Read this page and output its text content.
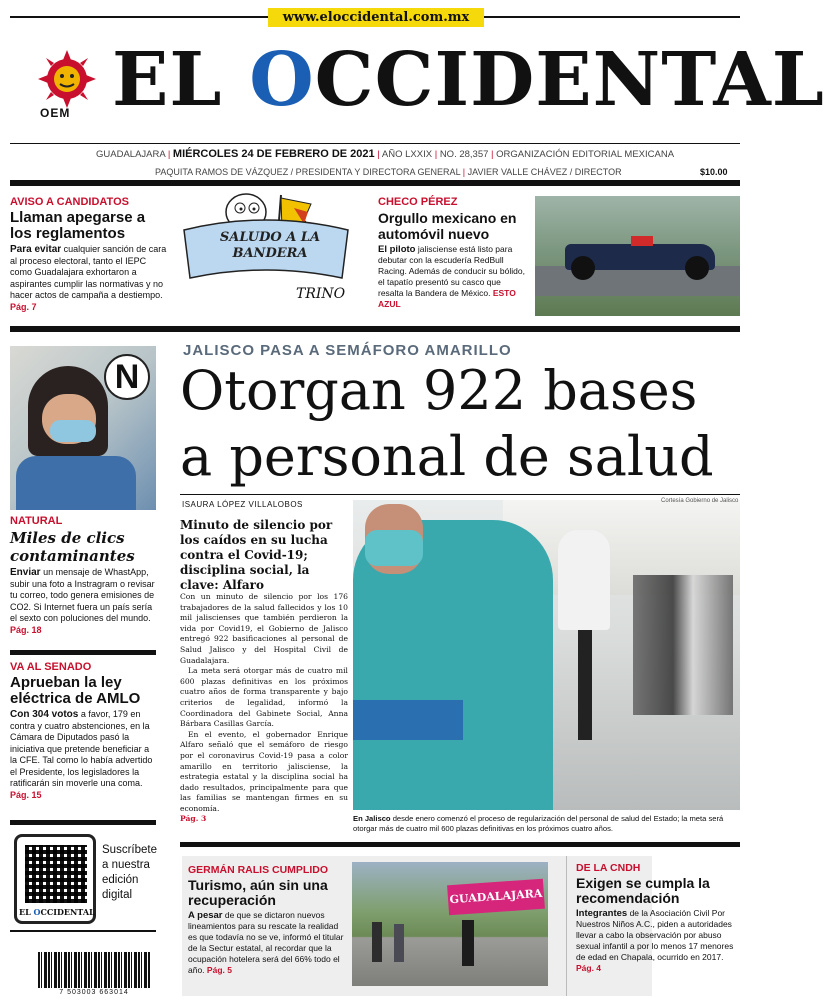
www.eloccidental.com.mx
OEM EL OCCIDENTAL
GUADALAJARA | MIÉRCOLES 24 DE FEBRERO DE 2021 | AÑO LXXIX | NO. 28,357 | ORGANIZACIÓN EDITORIAL MEXICANA
PAQUITA RAMOS DE VÁZQUEZ / PRESIDENTA Y DIRECTORA GENERAL | JAVIER VALLE CHÁVEZ / DIRECTOR	$10.00
AVISO A CANDIDATOS
Llaman apegarse a los reglamentos
Para evitar cualquier sanción de cara al proceso electoral, tanto el IEPC como Guadalajara exhortaron a aspirantes cumplir las normativas y no hacer actos de campaña a destiempo. Pág. 7
SALUDO A LA BANDERA
TRINO
CHECO PÉREZ
Orgullo mexicano en automóvil nuevo
El piloto jalisciense está listo para debutar con la escudería RedBull Racing. Además de conducir su bólido, el tapatío presentó su casco que resalta la Bandera de México. ESTO AZUL
N
NATURAL
Miles de clics contaminantes
Enviar un mensaje de WhastApp, subir una foto a Instragram o revisar tu correo, todo genera emisiones de CO2. Si Internet fuera un país sería el sexto con poluciones del mundo. Pág. 18
VA AL SENADO
Aprueban la ley eléctrica de AMLO
Con 304 votos a favor, 179 en contra y cuatro abstenciones, en la Cámara de Diputados pasó la iniciativa que pretende beneficiar a la CFE. Tal como lo había advertido el Presidente, los legisladores la ratificarán sin moverle una coma. Pág. 15
EL OCCIDENTAL
Suscríbete a nuestra edición digital
7 503003 663014
JALISCO PASA A SEMÁFORO AMARILLO
Otorgan 922 bases
a personal de salud
ISAURA LÓPEZ VILLALOBOS
Minuto de silencio por los caídos en su lucha contra el Covid-19; disciplina social, la clave: Alfaro
Con un minuto de silencio por los 176 trabajadores de la salud fallecidos y los 10 mil jaliscienses que también perdieron la vida por Covid19, el Gobierno de Jalisco entregó 922 basificaciones al personal de Salud Jalisco y del Hospital Civil de Guadalajara.
La meta será otorgar más de cuatro mil 600 plazas definitivas en los próximos cuatro años de forma transparente y bajo criterios de legalidad, informó la Coordinadora del Gabinete Social, Anna Bárbara Casillas García.
En el evento, el gobernador Enrique Alfaro señaló que el semáforo de riesgo por el coronavirus Covid-19 pasa a color amarillo en territorio jalisciense, la estrategia estatal y la disciplina social ha dado resultados, principalmente para que las familias se mantengan firmes en su economía.
Pág. 3
Cortesía Gobierno de Jalisco
En Jalisco desde enero comenzó el proceso de regularización del personal de salud del Estado; la meta será otorgar más de cuatro mil 600 plazas definitivas en los próximos cuatro años.
GERMÁN RALIS CUMPLIDO
Turismo, aún sin una recuperación
A pesar de que se dictaron nuevos lineamientos para su rescate la realidad es que todavía no se ve, informó el titular de la Sectur estatal, al recordar que la ocupación hotelera será del 66% todo el año. Pág. 5
GUADALAJARA
DE LA CNDH
Exigen se cumpla la recomendación
Integrantes de la Asociación Civil Por Nuestros Niños A.C., piden a autoridades llevar a cabo la observación por abuso sexual infantil a por lo menos 17 menores de edad en Chapala, ocurrido en 2017. Pág. 4
